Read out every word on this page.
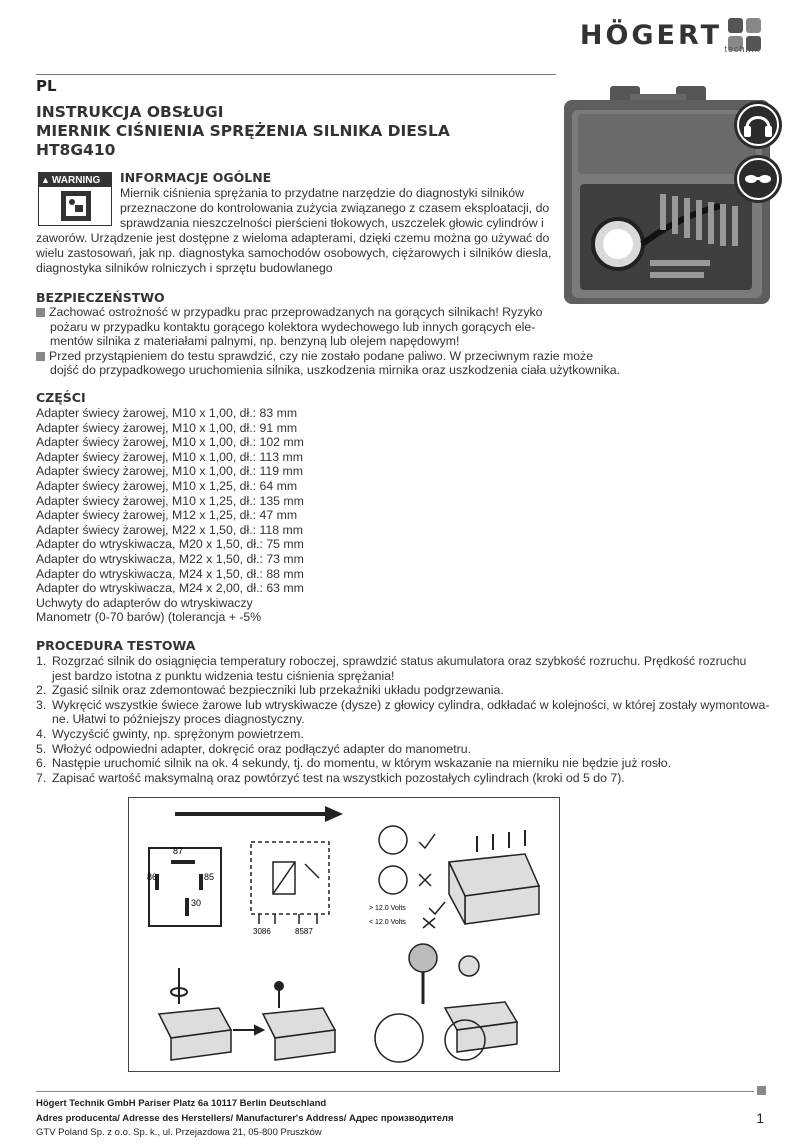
HÖGERT technik
PL
INSTRUKCJA OBSŁUGI
MIERNIK CIŚNIENIA SPRĘŻENIA SILNIKA DIESLA
HT8G410
▲ WARNING INFORMACJE OGÓLNE
Miernik ciśnienia sprężania to przydatne narzędzie do diagnostyki silników
przeznaczone do kontrolowania zużycia związanego z czasem eksploatacji, do
sprawdzania nieszczelności pierścieni tłokowych, uszczelek głowic cylindrów i
zaworów. Urządzenie jest dostępne z wieloma adapterami, dzięki czemu można go używać do
wielu zastosowań, jak np. diagnostyka samochodów osobowych, ciężarowych i silników diesla,
diagnostyka silników rolniczych i sprzętu budowlanego
BEZPIECZEŃSTWO
Zachować ostrożność w przypadku prac przeprowadzanych na gorących silnikach! Ryzyko
pożaru w przypadku kontaktu gorącego kolektora wydechowego lub innych gorących ele-
mentów silnika z materiałami palnymi, np. benzyną lub olejem napędowym!
Przed przystąpieniem do testu sprawdzić, czy nie zostało podane paliwo. W przeciwnym razie może
dojść do przypadkowego uruchomienia silnika, uszkodzenia mirnika oraz uszkodzenia ciała użytkownika.
CZĘŚCI
Adapter świecy żarowej, M10 x 1,00, dł.: 83 mm
Adapter świecy żarowej, M10 x 1,00, dł.: 91 mm
Adapter świecy żarowej, M10 x 1,00, dł.: 102 mm
Adapter świecy żarowej, M10 x 1,00, dł.: 113 mm
Adapter świecy żarowej, M10 x 1,00, dł.: 119 mm
Adapter świecy żarowej, M10 x 1,25, dł.: 64 mm
Adapter świecy żarowej, M10 x 1,25, dł.: 135 mm
Adapter świecy żarowej, M12 x 1,25, dł.: 47 mm
Adapter świecy żarowej, M22 x 1,50, dł.: 118 mm
Adapter do wtryskiwacza, M20 x 1,50, dł.: 75 mm
Adapter do wtryskiwacza, M22 x 1,50, dł.: 73 mm
Adapter do wtryskiwacza, M24 x 1,50, dł.: 88 mm
Adapter do wtryskiwacza, M24 x 2,00, dł.: 63 mm
Uchwyty do adapterów do wtryskiwaczy
Manometr (0-70 barów) (tolerancja + -5%
PROCEDURA TESTOWA
1. Rozgrzać silnik do osiągnięcia temperatury roboczej, sprawdzić status akumulatora oraz szybkość rozruchu. Prędkość rozruchu
jest bardzo istotna z punktu widzenia testu ciśnienia sprężania!
2. Zgasić silnik oraz zdemontować bezpieczniki lub przekaźniki układu podgrzewania.
3. Wykręcić wszystkie świece żarowe lub wtryskiwacze (dysze) z głowicy cylindra, odkładać w kolejności, w której zostały wymontowa-
ne. Ułatwi to późniejszy proces diagnostyczny.
4. Wyczyścić gwinty, np. sprężonym powietrzem.
5. Włożyć odpowiedni adapter, dokręcić oraz podłączyć adapter do manometru.
6. Następie uruchomić silnik na ok. 4 sekundy, tj. do momentu, w którym wskazanie na mierniku nie będzie już rosło.
7. Zapisać wartość maksymalną oraz powtórzyć test na wszystkich pozostałych cylindrach (kroki od 5 do 7).
87
86	85
30
3086	8587
> 12.0 Volts
< 12.0 Volts
Högert Technik GmbH Pariser Platz 6a 10117 Berlin Deutschland
Adres producenta/ Adresse des Herstellers/ Manufacturer's Address/ Адрес производителя
GTV Poland Sp. z o.o. Sp. k., ul. Przejazdowa 21, 05-800 Pruszków
1
